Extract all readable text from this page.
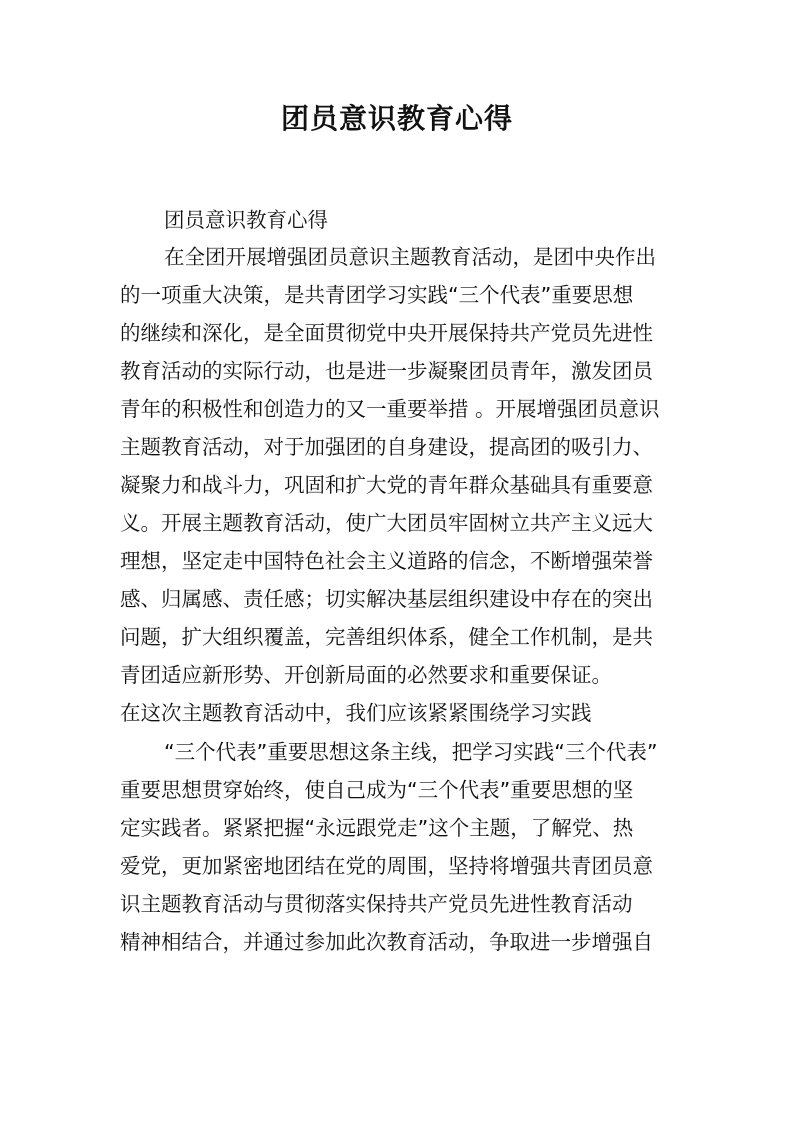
团员意识教育心得
团员意识教育心得
在全团开展增强团员意识主题教育活动，是团中央作出
的一项重大决策，是共青团学习实践“三个代表”重要思想
的继续和深化，是全面贯彻党中央开展保持共产党员先进性
教育活动的实际行动，也是进一步凝聚团员青年，激发团员
青年的积极性和创造力的又一重要举措 。开展增强团员意识
主题教育活动，对于加强团的自身建设，提高团的吸引力、
凝聚力和战斗力，巩固和扩大党的青年群众基础具有重要意
义。开展主题教育活动，使广大团员牢固树立共产主义远大
理想，坚定走中国特色社会主义道路的信念，不断增强荣誉
感、归属感、责任感；切实解决基层组织建设中存在的突出
问题，扩大组织覆盖，完善组织体系，健全工作机制，是共
青团适应新形势、开创新局面的必然要求和重要保证。
在这次主题教育活动中，我们应该紧紧围绕学习实践
“三个代表”重要思想这条主线，把学习实践“三个代表”
重要思想贯穿始终，使自己成为“三个代表”重要思想的坚
定实践者。紧紧把握“永远跟党走”这个主题，了解党、热
爱党，更加紧密地团结在党的周围，坚持将增强共青团员意
识主题教育活动与贯彻落实保持共产党员先进性教育活动
精神相结合，并通过参加此次教育活动，争取进一步增强自
